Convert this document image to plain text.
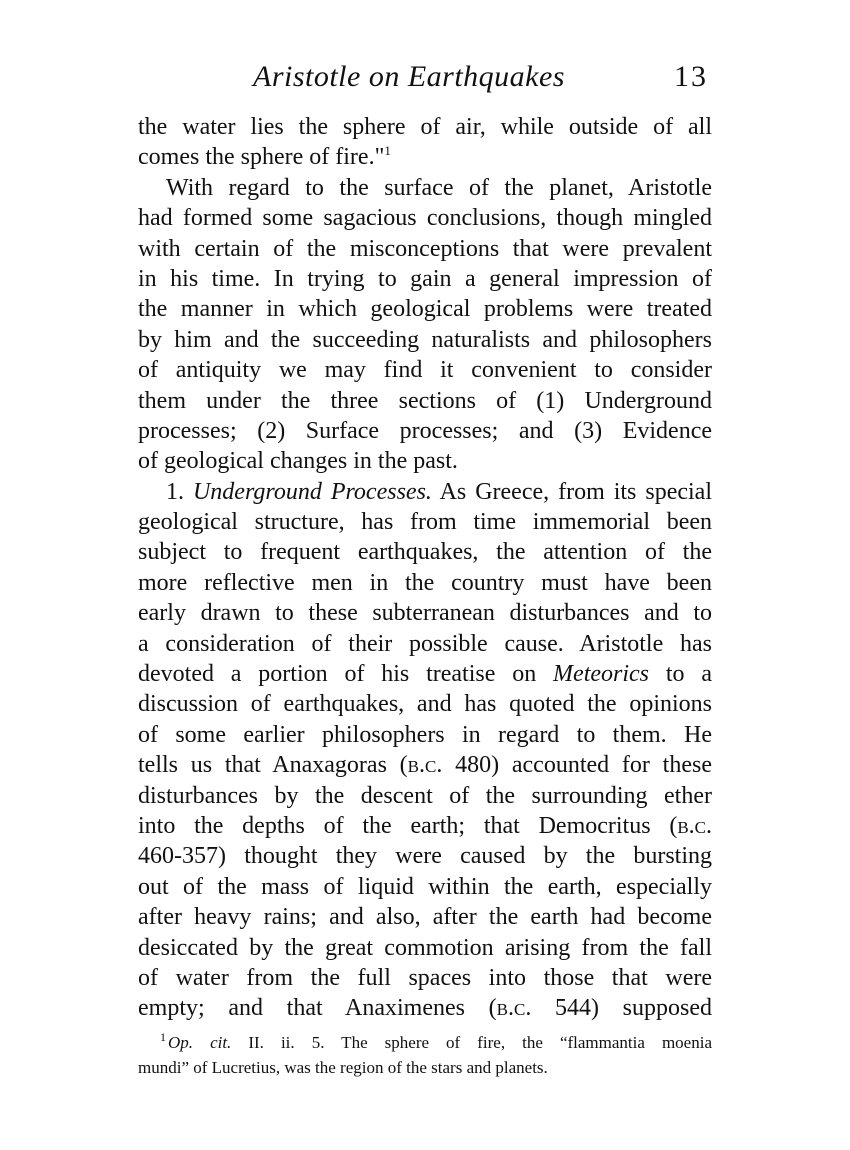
Aristotle on Earthquakes	13
the water lies the sphere of air, while outside of all
comes the sphere of fire."$^1$
With regard to the surface of the planet, Aristotle
had formed some sagacious conclusions, though mingled
with certain of the misconceptions that were prevalent
in his time. In trying to gain a general impression of
the manner in which geological problems were treated
by him and the succeeding naturalists and philosophers
of antiquity we may find it convenient to consider
them under the three sections of (1) Underground
processes; (2) Surface processes; and (3) Evidence
of geological changes in the past.
1. Underground Processes. As Greece, from its special
geological structure, has from time immemorial been
subject to frequent earthquakes, the attention of the
more reflective men in the country must have been
early drawn to these subterranean disturbances and to
a consideration of their possible cause. Aristotle has
devoted a portion of his treatise on Meteorics to a
discussion of earthquakes, and has quoted the opinions
of some earlier philosophers in regard to them. He
tells us that Anaxagoras (b.c. 480) accounted for these
disturbances by the descent of the surrounding ether
into the depths of the earth; that Democritus (b.c.
460-357) thought they were caused by the bursting
out of the mass of liquid within the earth, especially
after heavy rains; and also, after the earth had become
desiccated by the great commotion arising from the fall
of water from the full spaces into those that were
empty; and that Anaximenes (b.c. 544) supposed
$^1$ Op. cit. II. ii. 5. The sphere of fire, the “flammantia moenia
mundi” of Lucretius, was the region of the stars and planets.
